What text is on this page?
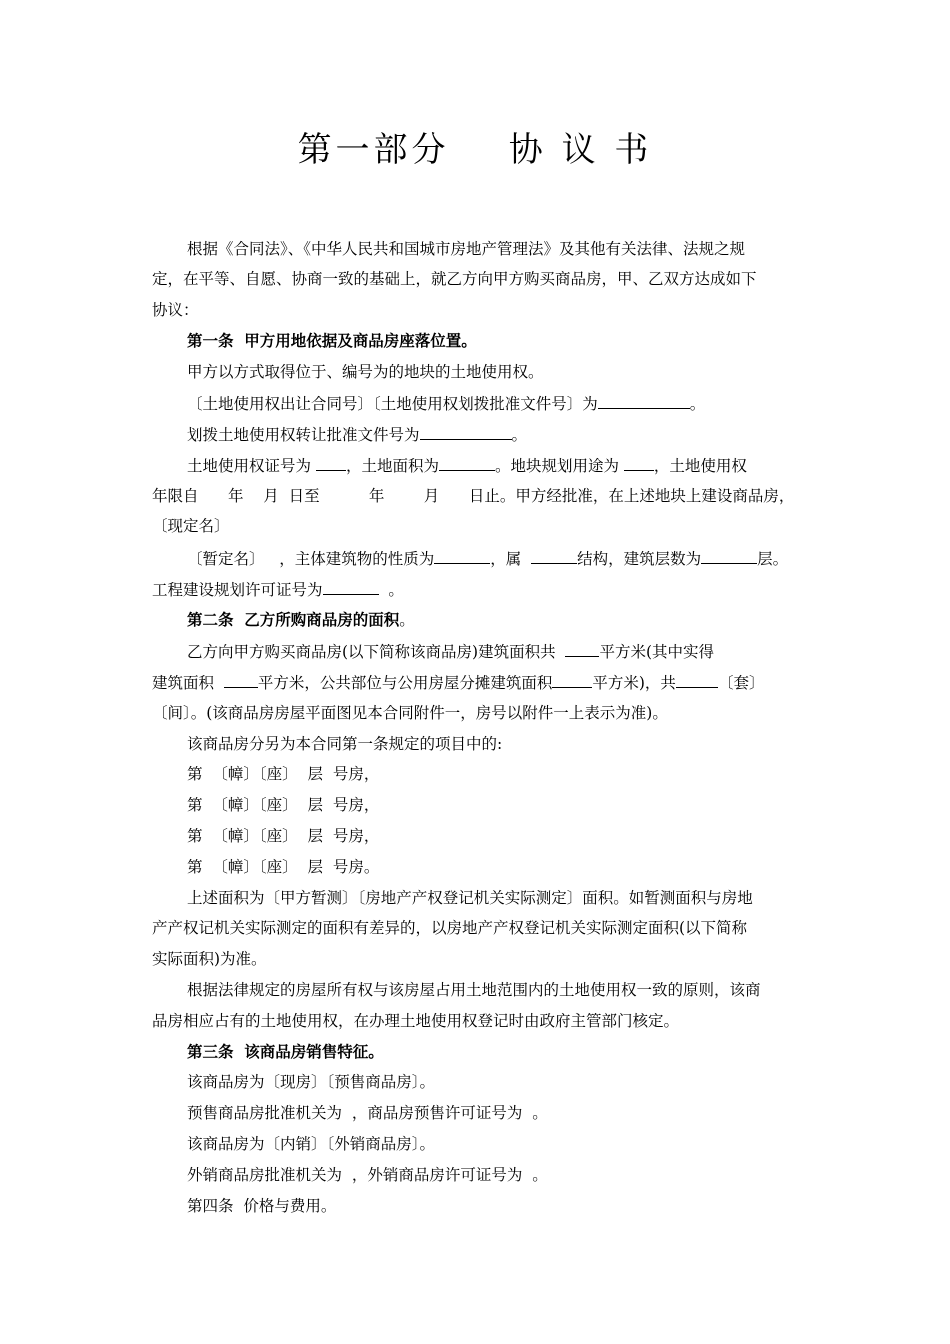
第一部分    协 议 书
根据《合同法》、《中华人民共和国城市房地产管理法》及其他有关法律、法规之规
定，在平等、自愿、协商一致的基础上，就乙方向甲方购买商品房，甲、乙双方达成如下
协议：
第一条  甲方用地依据及商品房座落位置。
甲方以方式取得位于、编号为的地块的土地使用权。
〔土地使用权出让合同号〕〔土地使用权划拨批准文件号〕为	。
划拨土地使用权转让批准文件号为	。
土地使用权证号为 ，土地面积为	。地块规划用途为 ，土地使用权
年限自      年    月  日至          年        月      日止。甲方经批准，在上述地块上建设商品房，
〔现定名〕
〔暂定名〕   ，主体建筑物的性质为	，属	结构，建筑层数为	层。
工程建设规划许可证号为	。
第二条  乙方所购商品房的面积。
乙方向甲方购买商品房(以下简称该商品房)建筑面积共  平方米(其中实得
建筑面积  平方米，公共部位与公用房屋分摊建筑面积	平方米)，共	〔套〕
〔间〕。(该商品房房屋平面图见本合同附件一，房号以附件一上表示为准)。
该商品房分另为本合同第一条规定的项目中的:
第  〔幛〕〔座〕  层  号房，
第  〔幛〕〔座〕  层  号房，
第  〔幛〕〔座〕  层  号房，
第  〔幛〕〔座〕  层  号房。
上述面积为〔甲方暂测〕〔房地产产权登记机关实际测定〕面积。如暂测面积与房地
产产权记机关实际测定的面积有差异的，以房地产产权登记机关实际测定面积(以下简称
实际面积)为准。
根据法律规定的房屋所有权与该房屋占用土地范围内的土地使用权一致的原则，该商
品房相应占有的土地使用权，在办理土地使用权登记时由政府主管部门核定。
第三条  该商品房销售特征。
该商品房为〔现房〕〔预售商品房〕。
预售商品房批准机关为  ，商品房预售许可证号为  。
该商品房为〔内销〕〔外销商品房〕。
外销商品房批准机关为  ，外销商品房许可证号为  。
第四条  价格与费用。
